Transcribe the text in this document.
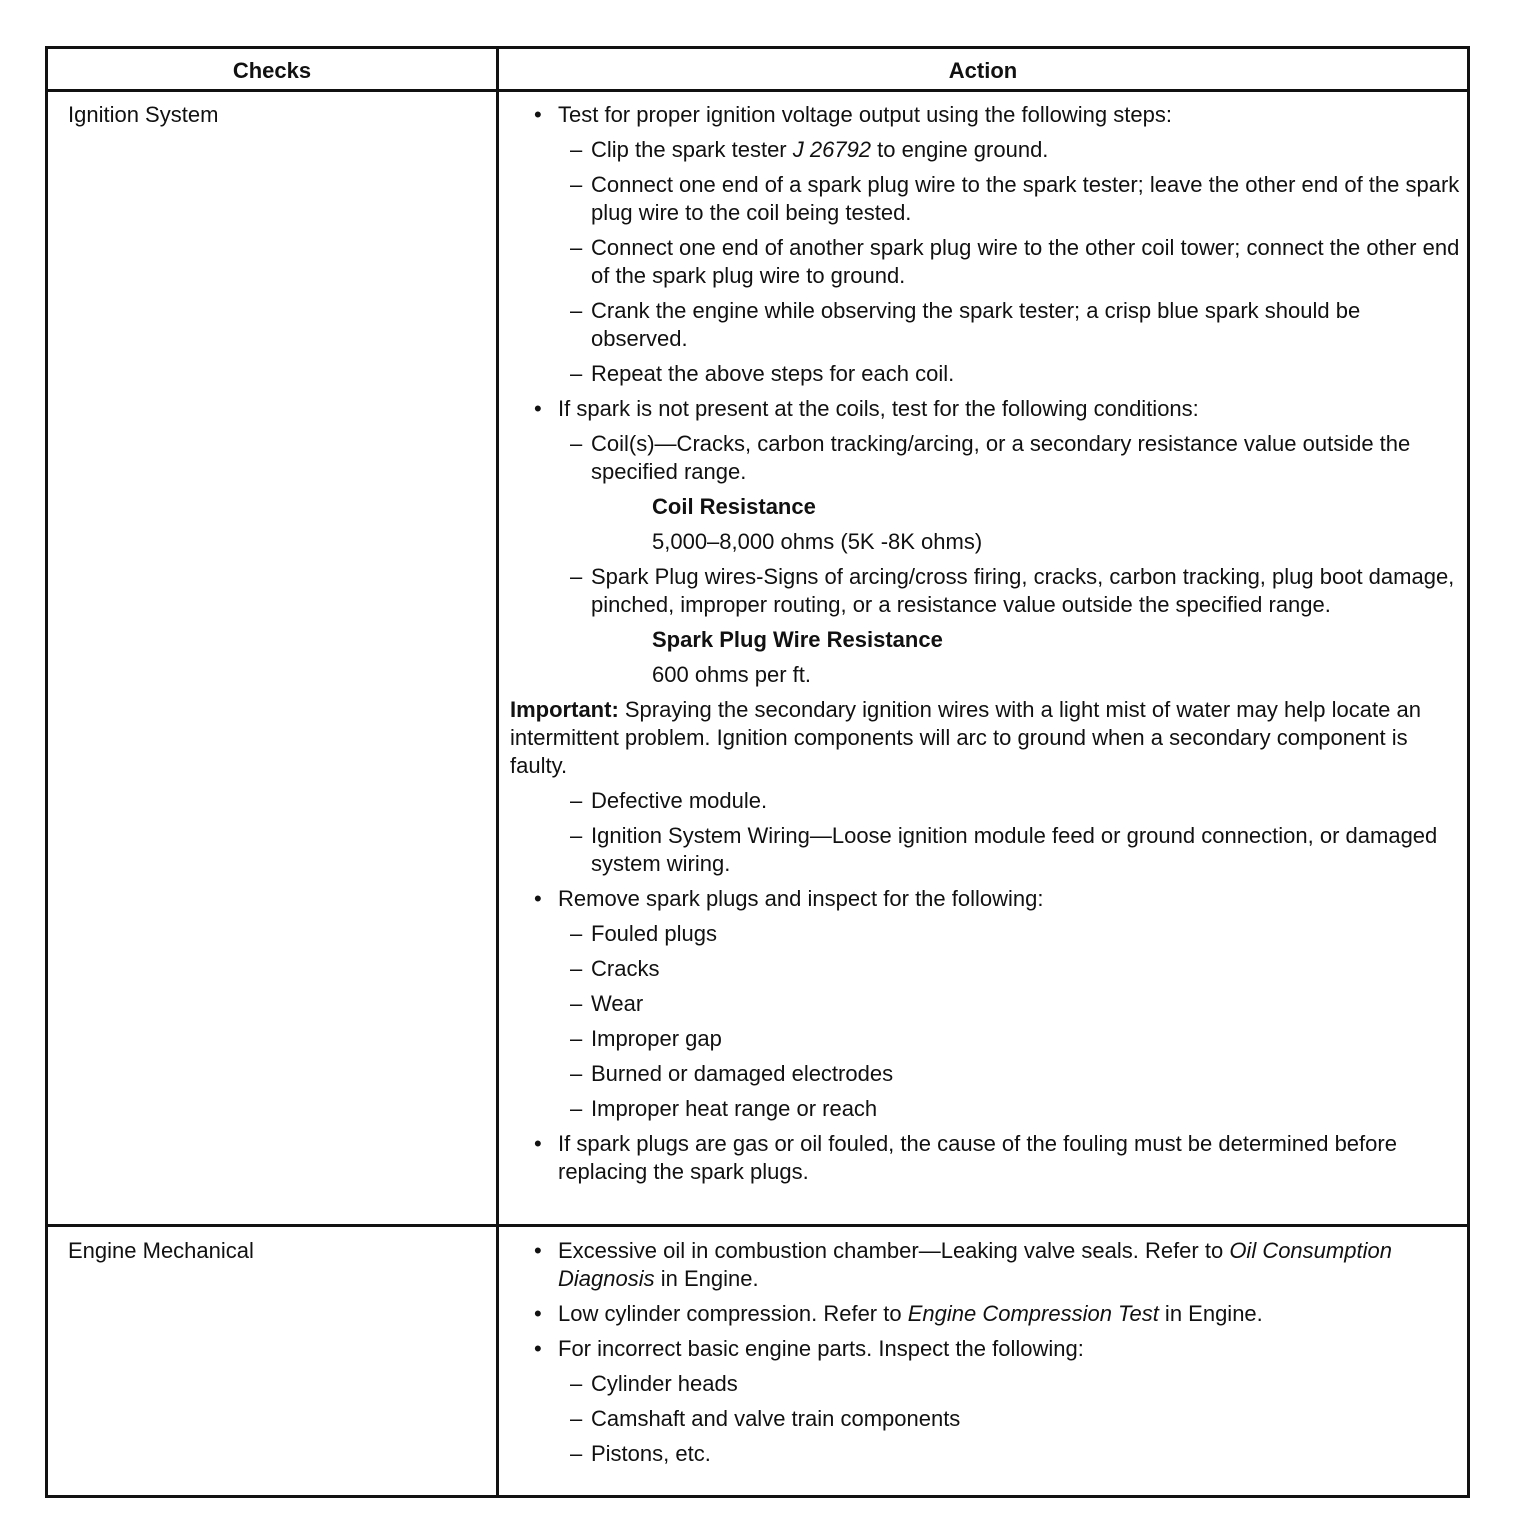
Checks	Action
Ignition System	• Test for proper ignition voltage output using the following steps:
– Clip the spark tester J 26792 to engine ground.
– Connect one end of a spark plug wire to the spark tester; leave the other end of the spark plug wire to the coil being tested.
– Connect one end of another spark plug wire to the other coil tower; connect the other end of the spark plug wire to ground.
– Crank the engine while observing the spark tester; a crisp blue spark should be observed.
– Repeat the above steps for each coil.
• If spark is not present at the coils, test for the following conditions:
– Coil(s)—Cracks, carbon tracking/arcing, or a secondary resistance value outside the specified range.
Coil Resistance
5,000–8,000 ohms (5K -8K ohms)
– Spark Plug wires-Signs of arcing/cross firing, cracks, carbon tracking, plug boot damage, pinched, improper routing, or a resistance value outside the specified range.
Spark Plug Wire Resistance
600 ohms per ft.
Important: Spraying the secondary ignition wires with a light mist of water may help locate an intermittent problem. Ignition components will arc to ground when a secondary component is faulty.
– Defective module.
– Ignition System Wiring—Loose ignition module feed or ground connection, or damaged system wiring.
• Remove spark plugs and inspect for the following:
– Fouled plugs
– Cracks
– Wear
– Improper gap
– Burned or damaged electrodes
– Improper heat range or reach
• If spark plugs are gas or oil fouled, the cause of the fouling must be determined before replacing the spark plugs.
Engine Mechanical	• Excessive oil in combustion chamber—Leaking valve seals. Refer to Oil Consumption Diagnosis in Engine.
• Low cylinder compression. Refer to Engine Compression Test in Engine.
• For incorrect basic engine parts. Inspect the following:
– Cylinder heads
– Camshaft and valve train components
– Pistons, etc.
